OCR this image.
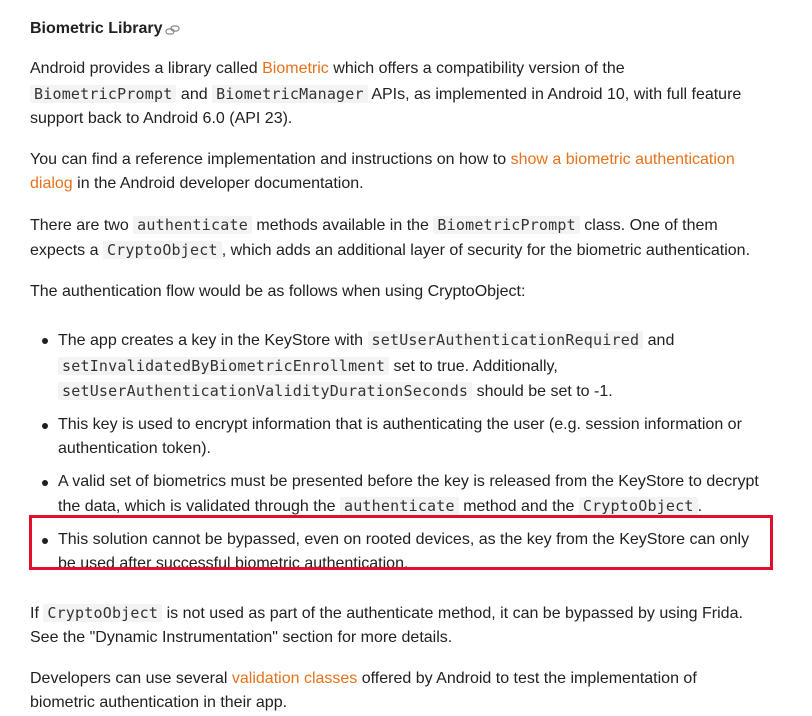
Biometric Library

Android provides a library called Biometric which offers a compatibility version of the BiometricPrompt and BiometricManager APIs, as implemented in Android 10, with full feature support back to Android 6.0 (API 23).

You can find a reference implementation and instructions on how to show a biometric authentication dialog in the Android developer documentation.

There are two authenticate methods available in the BiometricPrompt class. One of them expects a CryptoObject , which adds an additional layer of security for the biometric authentication.

The authentication flow would be as follows when using CryptoObject:

The app creates a key in the KeyStore with setUserAuthenticationRequired and setInvalidatedByBiometricEnrollment set to true. Additionally, setUserAuthenticationValidityDurationSeconds should be set to -1.
This key is used to encrypt information that is authenticating the user (e.g. session information or authentication token).
A valid set of biometrics must be presented before the key is released from the KeyStore to decrypt the data, which is validated through the authenticate method and the CryptoObject .
This solution cannot be bypassed, even on rooted devices, as the key from the KeyStore can only be used after successful biometric authentication.

If CryptoObject is not used as part of the authenticate method, it can be bypassed by using Frida. See the "Dynamic Instrumentation" section for more details.

Developers can use several validation classes offered by Android to test the implementation of biometric authentication in their app.
